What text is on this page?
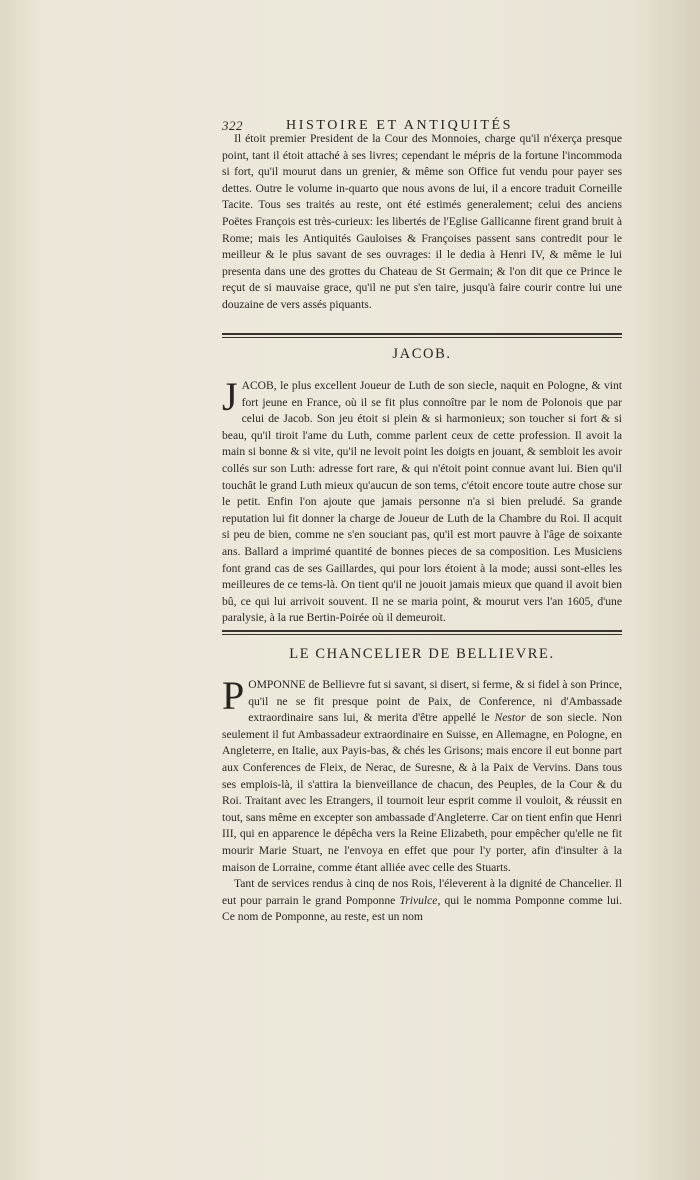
322	HISTOIRE ET ANTIQUITÉS

Il étoit premier President de la Cour des Monnoies, charge qu'il n'éxerça presque point, tant il étoit attaché à ses livres; cependant le mépris de la fortune l'incommoda si fort, qu'il mourut dans un grenier, & même son Office fut vendu pour payer ses dettes. Outre le volume in-quarto que nous avons de lui, il a encore traduit Corneille Tacite. Tous ses traités au reste, ont été estimés generalement; celui des anciens Poëtes François est très-curieux: les libertés de l'Eglise Gallicanne firent grand bruit à Rome; mais les Antiquités Gauloises & Françoises passent sans contredit pour le meilleur & le plus savant de ses ouvrages: il le dedia à Henri IV, & même le lui presenta dans une des grottes du Chateau de St Germain; & l'on dit que ce Prince le reçut de si mauvaise grace, qu'il ne put s'en taire, jusqu'à faire courir contre lui une douzaine de vers assés piquants.

JACOB.

JACOB, le plus excellent Joueur de Luth de son siecle, naquit en Pologne, & vint fort jeune en France, où il se fit plus connoître par le nom de Polonois que par celui de Jacob. Son jeu étoit si plein & si harmonieux; son toucher si fort & si beau, qu'il tiroit l'ame du Luth, comme parlent ceux de cette profession. Il avoit la main si bonne & si vite, qu'il ne levoit point les doigts en jouant, & sembloit les avoir collés sur son Luth: adresse fort rare, & qui n'étoit point connue avant lui. Bien qu'il touchât le grand Luth mieux qu'aucun de son tems, c'étoit encore toute autre chose sur le petit. Enfin l'on ajoute que jamais personne n'a si bien preludé. Sa grande reputation lui fit donner la charge de Joueur de Luth de la Chambre du Roi. Il acquit si peu de bien, comme ne s'en souciant pas, qu'il est mort pauvre à l'âge de soixante ans. Ballard a imprimé quantité de bonnes pieces de sa composition. Les Musiciens font grand cas de ses Gaillardes, qui pour lors étoient à la mode; aussi sont-elles les meilleures de ce tems-là. On tient qu'il ne jouoit jamais mieux que quand il avoit bien bû, ce qui lui arrivoit souvent. Il ne se maria point, & mourut vers l'an 1605, d'une paralysie, à la rue Bertin-Poirée où il demeuroit.

LE CHANCELIER DE BELLIEVRE.

POMPONNE de Bellievre fut si savant, si disert, si ferme, & si fidel à son Prince, qu'il ne se fit presque point de Paix, de Conference, ni d'Ambassade extraordinaire sans lui, & merita d'être appellé le Nestor de son siecle. Non seulement il fut Ambassadeur extraordinaire en Suisse, en Allemagne, en Pologne, en Angleterre, en Italie, aux Payis-bas, & chés les Grisons; mais encore il eut bonne part aux Conferences de Fleix, de Nerac, de Suresne, & à la Paix de Vervins. Dans tous ses emplois-là, il s'attira la bienveillance de chacun, des Peuples, de la Cour & du Roi. Traitant avec les Etrangers, il tournoit leur esprit comme il vouloit, & réussit en tout, sans même en excepter son ambassade d'Angleterre. Car on tient enfin que Henri III, qui en apparence le dépêcha vers la Reine Elizabeth, pour empêcher qu'elle ne fit mourir Marie Stuart, ne l'envoya en effet que pour l'y porter, afin d'insulter à la maison de Lorraine, comme étant alliée avec celle des Stuarts.

Tant de services rendus à cinq de nos Rois, l'éleverent à la dignité de Chancelier. Il eut pour parrain le grand Pomponne Trivulce, qui le nomma Pomponne comme lui. Ce nom de Pomponne, au reste, est un nom
